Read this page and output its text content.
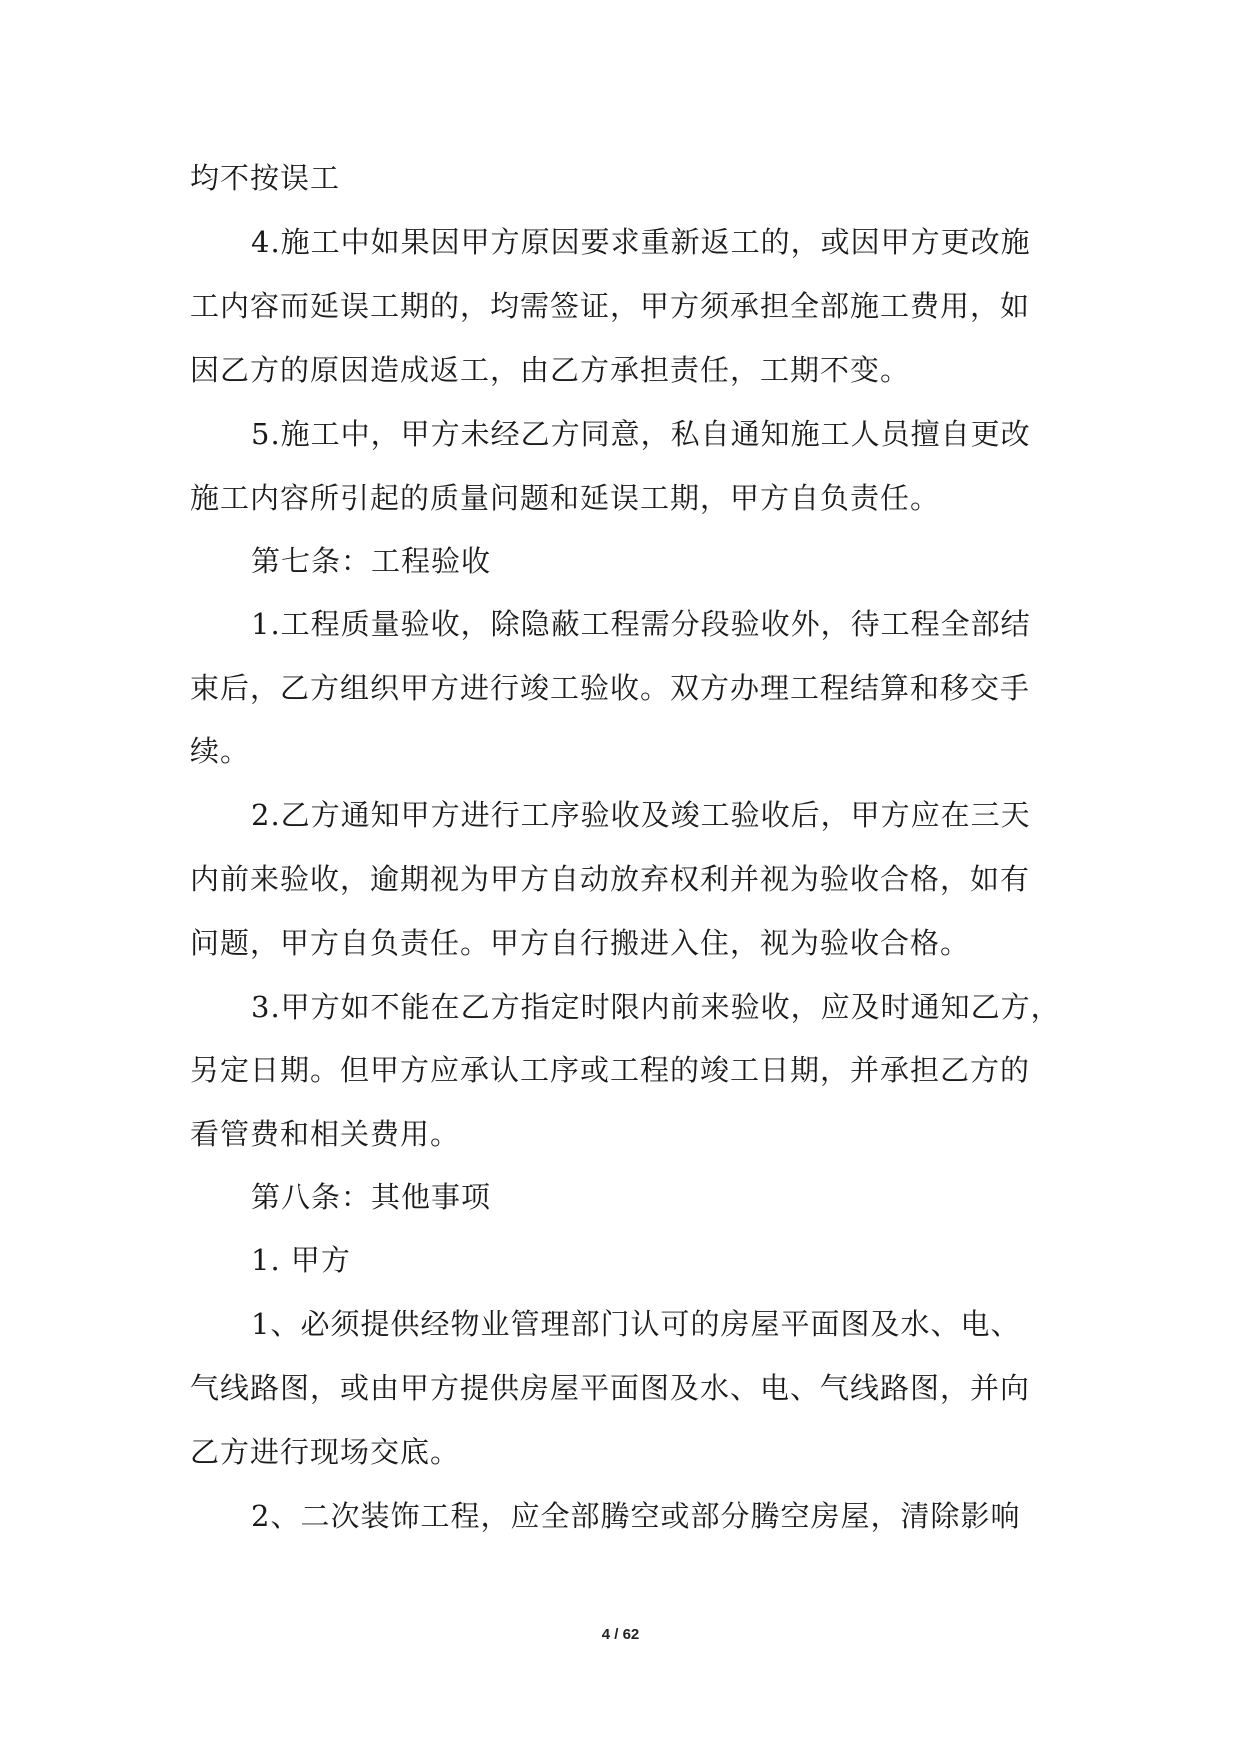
均不按误工
4.施工中如果因甲方原因要求重新返工的，或因甲方更改施
工内容而延误工期的，均需签证，甲方须承担全部施工费用，如
因乙方的原因造成返工，由乙方承担责任，工期不变。
5.施工中，甲方未经乙方同意，私自通知施工人员擅自更改
施工内容所引起的质量问题和延误工期，甲方自负责任。
第七条：工程验收
1.工程质量验收，除隐蔽工程需分段验收外，待工程全部结
束后，乙方组织甲方进行竣工验收。双方办理工程结算和移交手
续。
2.乙方通知甲方进行工序验收及竣工验收后，甲方应在三天
内前来验收，逾期视为甲方自动放弃权利并视为验收合格，如有
问题，甲方自负责任。甲方自行搬进入住，视为验收合格。
3.甲方如不能在乙方指定时限内前来验收，应及时通知乙方，
另定日期。但甲方应承认工序或工程的竣工日期，并承担乙方的
看管费和相关费用。
第八条：其他事项
1. 甲方
1、必须提供经物业管理部门认可的房屋平面图及水、电、
气线路图，或由甲方提供房屋平面图及水、电、气线路图，并向
乙方进行现场交底。
2、二次装饰工程，应全部腾空或部分腾空房屋，清除影响
4 / 62
